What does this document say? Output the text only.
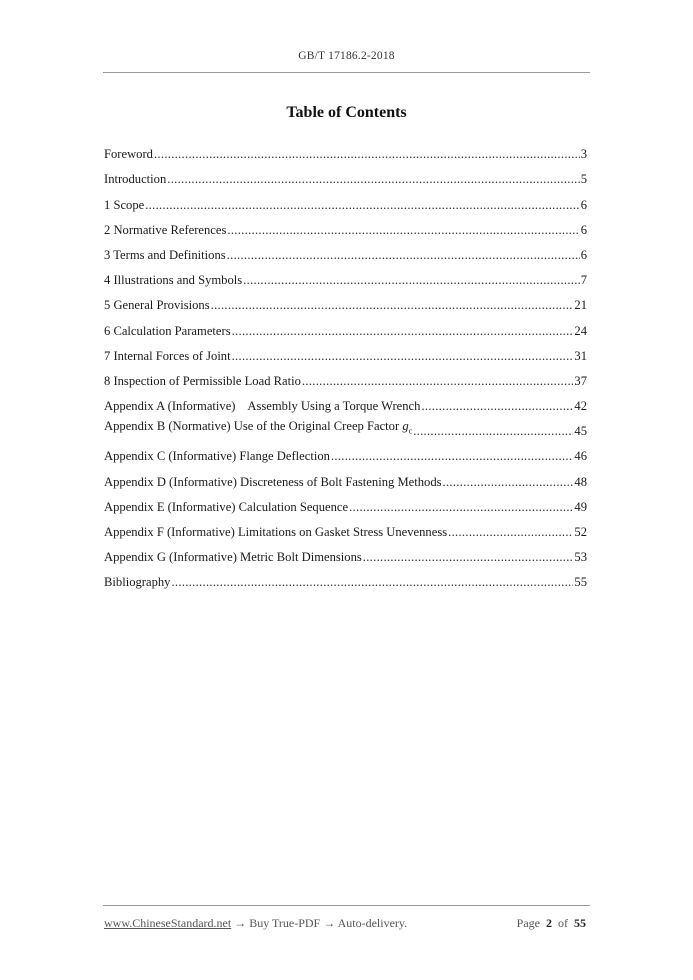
GB/T 17186.2-2018
Table of Contents
Foreword .....	3
Introduction .....	5
1 Scope .....	6
2 Normative References .....	6
3 Terms and Definitions .....	6
4 Illustrations and Symbols .....	7
5 General Provisions .....	21
6 Calculation Parameters .....	24
7 Internal Forces of Joint .....	31
8 Inspection of Permissible Load Ratio .....	37
Appendix A (Informative)    Assembly Using a Torque Wrench .....	42
Appendix B (Normative) Use of the Original Creep Factor $g_c$ .....	45
Appendix C (Informative) Flange Deflection .....	46
Appendix D (Informative) Discreteness of Bolt Fastening Methods .....	48
Appendix E (Informative) Calculation Sequence .....	49
Appendix F (Informative) Limitations on Gasket Stress Unevenness .....	52
Appendix G (Informative) Metric Bolt Dimensions .....	53
Bibliography .....	55
www.ChineseStandard.net → Buy True-PDF → Auto-delivery.	Page 2 of 55
